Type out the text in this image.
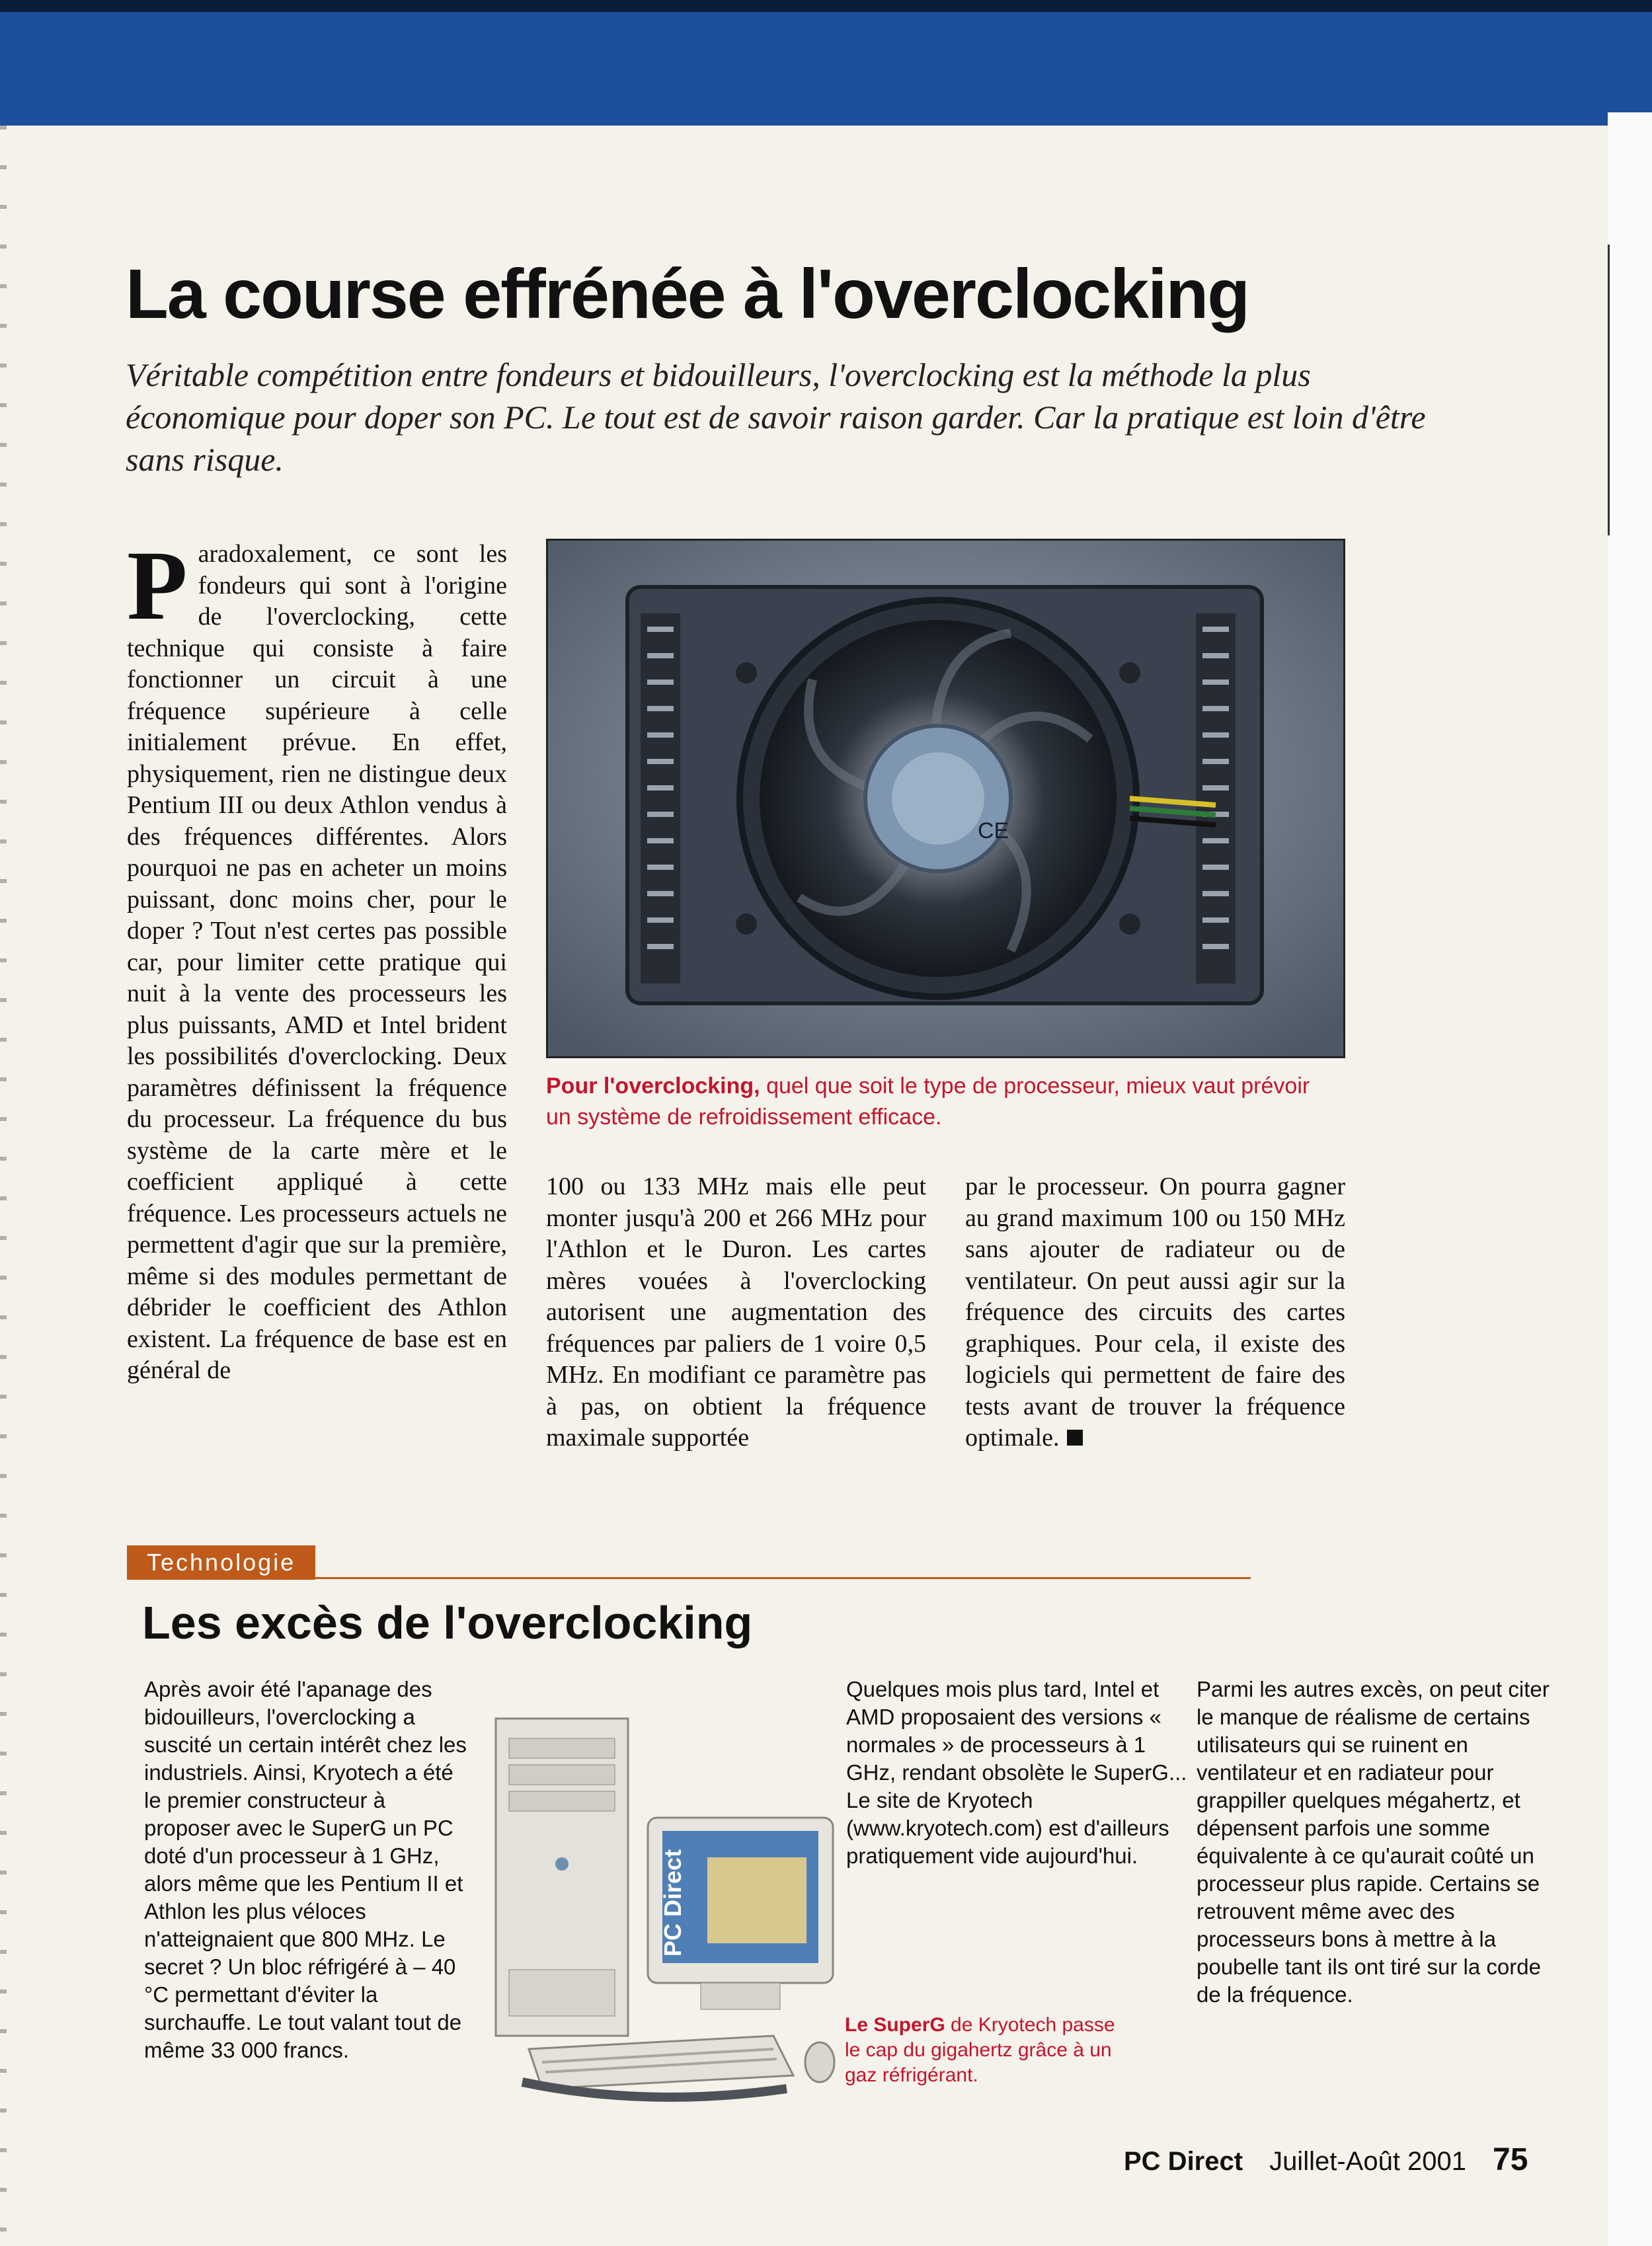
La course effrénée à l'overclocking

Véritable compétition entre fondeurs et bidouilleurs, l'overclocking est la méthode la plus économique pour doper son PC. Le tout est de savoir raison garder. Car la pratique est loin d'être sans risque.

P aradoxalement, ce sont les fondeurs qui sont à l'origine de l'overclocking, cette technique qui consiste à faire fonctionner un circuit à une fréquence supérieure à celle initialement prévue. En effet, physiquement, rien ne distingue deux Pentium III ou deux Athlon vendus à des fréquences différentes. Alors pourquoi ne pas en acheter un moins puissant, donc moins cher, pour le doper ? Tout n'est certes pas possible car, pour limiter cette pratique qui nuit à la vente des processeurs les plus puissants, AMD et Intel brident les possibilités d'overclocking. Deux paramètres définissent la fréquence du processeur. La fréquence du bus système de la carte mère et le coefficient appliqué à cette fréquence. Les processeurs actuels ne permettent d'agir que sur la première, même si des modules permettant de débrider le coefficient des Athlon existent. La fréquence de base est en général de
CE

Pour l'overclocking, quel que soit le type de processeur, mieux vaut prévoir un système de refroidissement efficace.

100 ou 133 MHz mais elle peut monter jusqu'à 200 et 266 MHz pour l'Athlon et le Duron. Les cartes mères vouées à l'overclocking autorisent une augmentation des fréquences par paliers de 1 voire 0,5 MHz. En modifiant ce paramètre pas à pas, on obtient la fréquence maximale supportée

par le processeur. On pourra gagner au grand maximum 100 ou 150 MHz sans ajouter de radiateur ou de ventilateur. On peut aussi agir sur la fréquence des circuits des cartes graphiques. Pour cela, il existe des logiciels qui permettent de faire des tests avant de trouver la fréquence optimale.
Technologie
Les excès de l'overclocking

Après avoir été l'apanage des bidouilleurs, l'overclocking a suscité un certain intérêt chez les industriels. Ainsi, Kryotech a été le premier constructeur à proposer avec le SuperG un PC doté d'un processeur à 1 GHz, alors même que les Pentium II et Athlon les plus véloces n'atteignaient que 800 MHz. Le secret ? Un bloc réfrigéré à – 40 °C permettant d'éviter la surchauffe. Le tout valant tout de même 33 000 francs.

PC Direct

Quelques mois plus tard, Intel et AMD proposaient des versions « normales » de processeurs à 1 GHz, rendant obsolète le SuperG... Le site de Kryotech (www.kryotech.com) est d'ailleurs pratiquement vide aujourd'hui.

Le SuperG de Kryotech passe le cap du gigahertz grâce à un gaz réfrigérant.

Parmi les autres excès, on peut citer le manque de réalisme de certains utilisateurs qui se ruinent en ventilateur et en radiateur pour grappiller quelques mégahertz, et dépensent parfois une somme équivalente à ce qu'aurait coûté un processeur plus rapide. Certains se retrouvent même avec des processeurs bons à mettre à la poubelle tant ils ont tiré sur la corde de la fréquence.

PC Direct Juillet-Août 2001 75
